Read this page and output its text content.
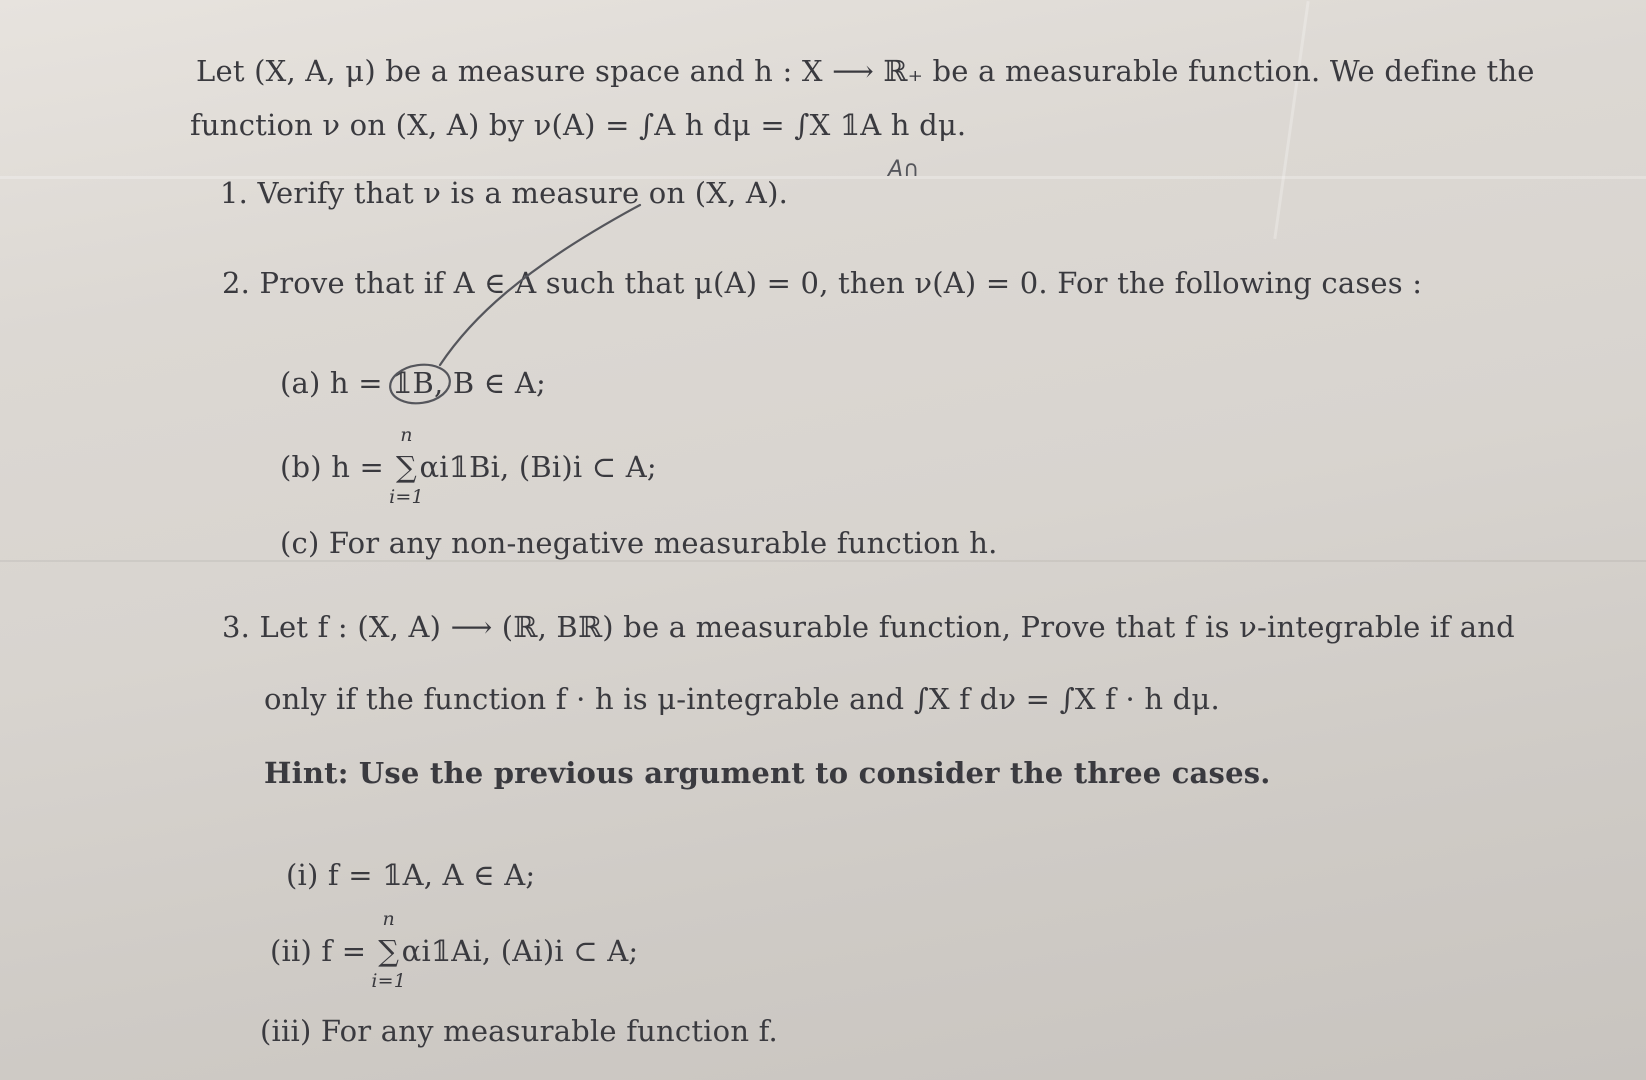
Let (X, A, μ) be a measure space and h : X ⟶ ℝ₊ be a measurable function. We define the
function ν on (X, A) by ν(A) = ∫A h dμ = ∫X 𝟙A h dμ.
1. Verify that ν is a measure on (X, A).
2. Prove that if A ∈ A such that μ(A) = 0, then ν(A) = 0. For the following cases :
(a) h = 𝟙B, B ∈ A;
(b) h = ∑
n
i=1
αi𝟙Bi, (Bi)i ⊂ A;
(c) For any non-negative measurable function h.
3. Let f : (X, A) ⟶ (ℝ, Bℝ) be a measurable function, Prove that f is ν-integrable if and
only if the function f · h is μ-integrable and ∫X f dν = ∫X f · h dμ.
Hint: Use the previous argument to consider the three cases.
(i) f = 𝟙A, A ∈ A;
(ii) f = ∑
n
i=1
αi𝟙Ai, (Ai)i ⊂ A;
(iii) For any measurable function f.
A∩
